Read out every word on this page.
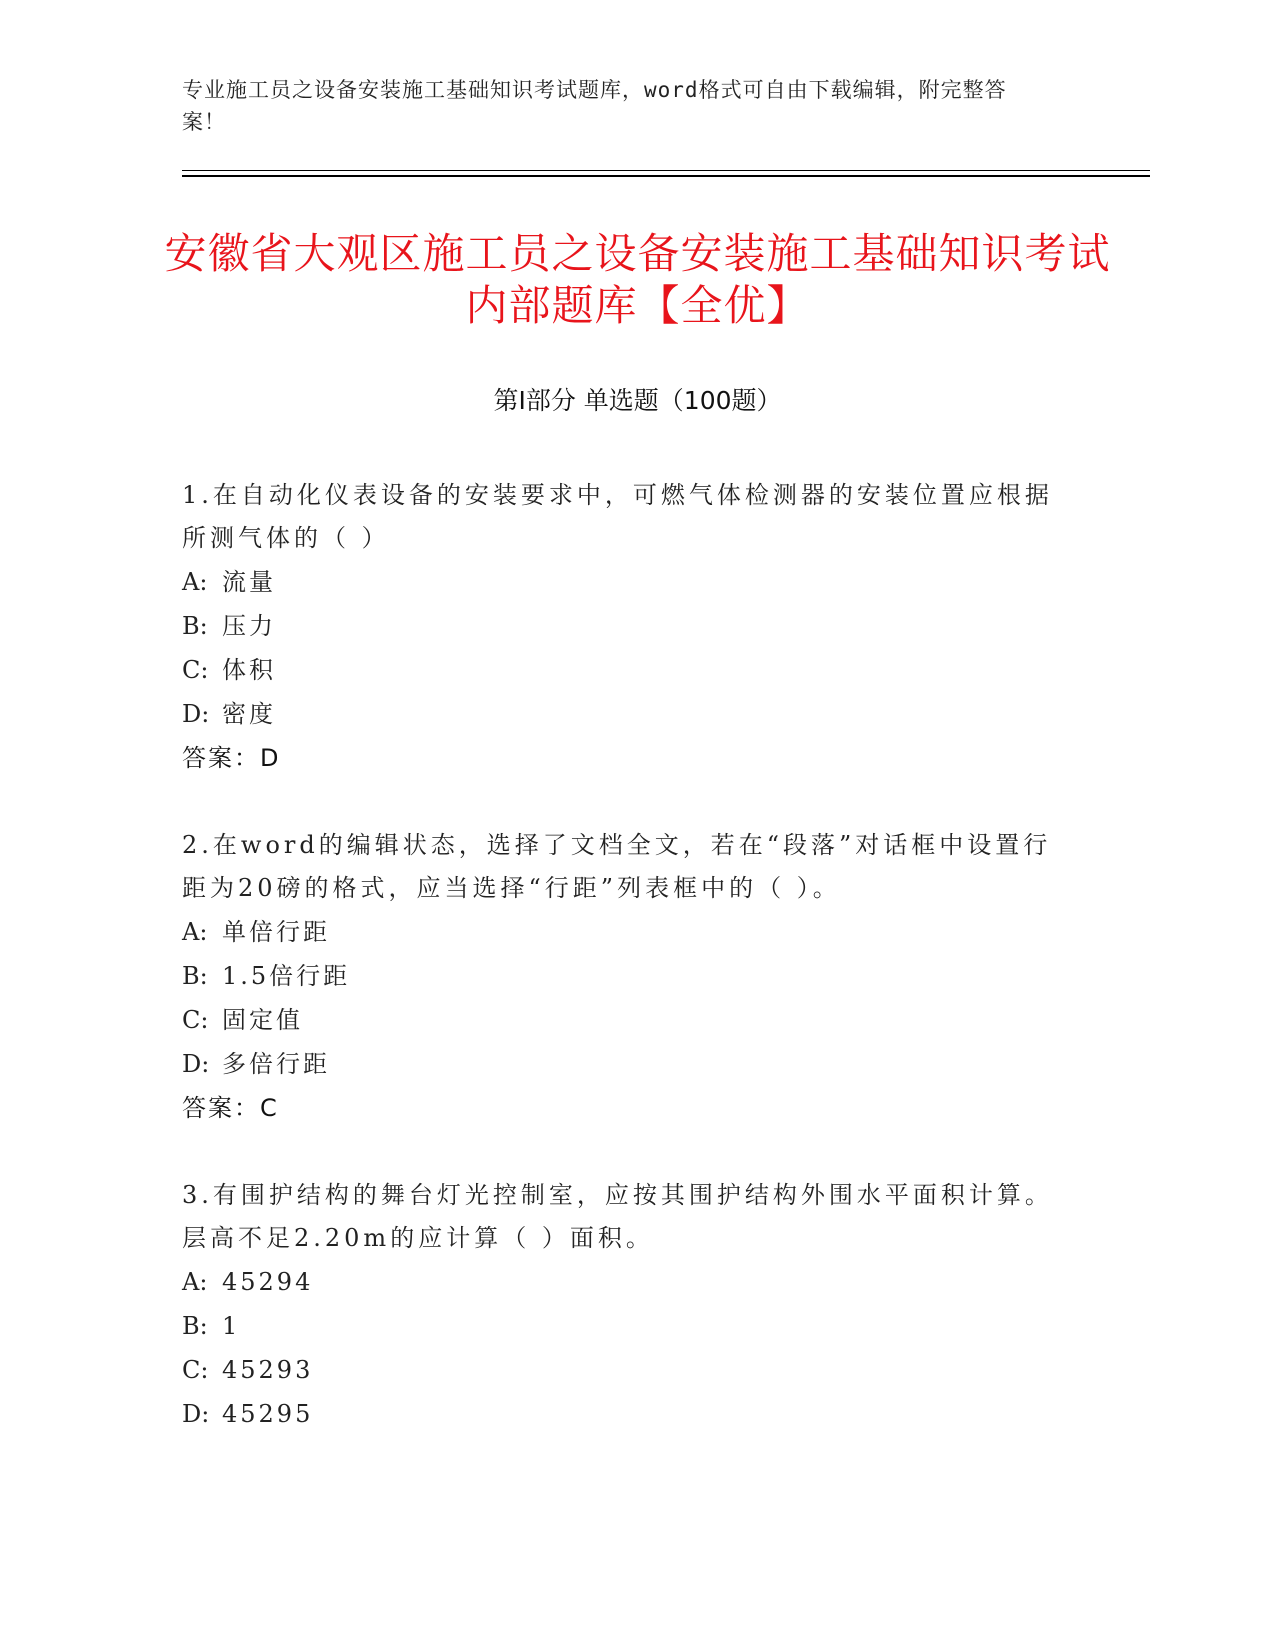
专业施工员之设备安装施工基础知识考试题库，word格式可自由下载编辑，附完整答案！
安徽省大观区施工员之设备安装施工基础知识考试内部题库【全优】
第Ⅰ部分 单选题（100题）
1.在自动化仪表设备的安装要求中，可燃气体检测器的安装位置应根据所测气体的（ ）
A: 流量
B: 压力
C: 体积
D: 密度
答案：D
2.在word的编辑状态，选择了文档全文，若在“段落”对话框中设置行距为20磅的格式，应当选择“行距”列表框中的（ ）。
A: 单倍行距
B: 1.5倍行距
C: 固定值
D: 多倍行距
答案：C
3.有围护结构的舞台灯光控制室，应按其围护结构外围水平面积计算。层高不足2.20m的应计算（ ）面积。
A: 45294
B: 1
C: 45293
D: 45295
